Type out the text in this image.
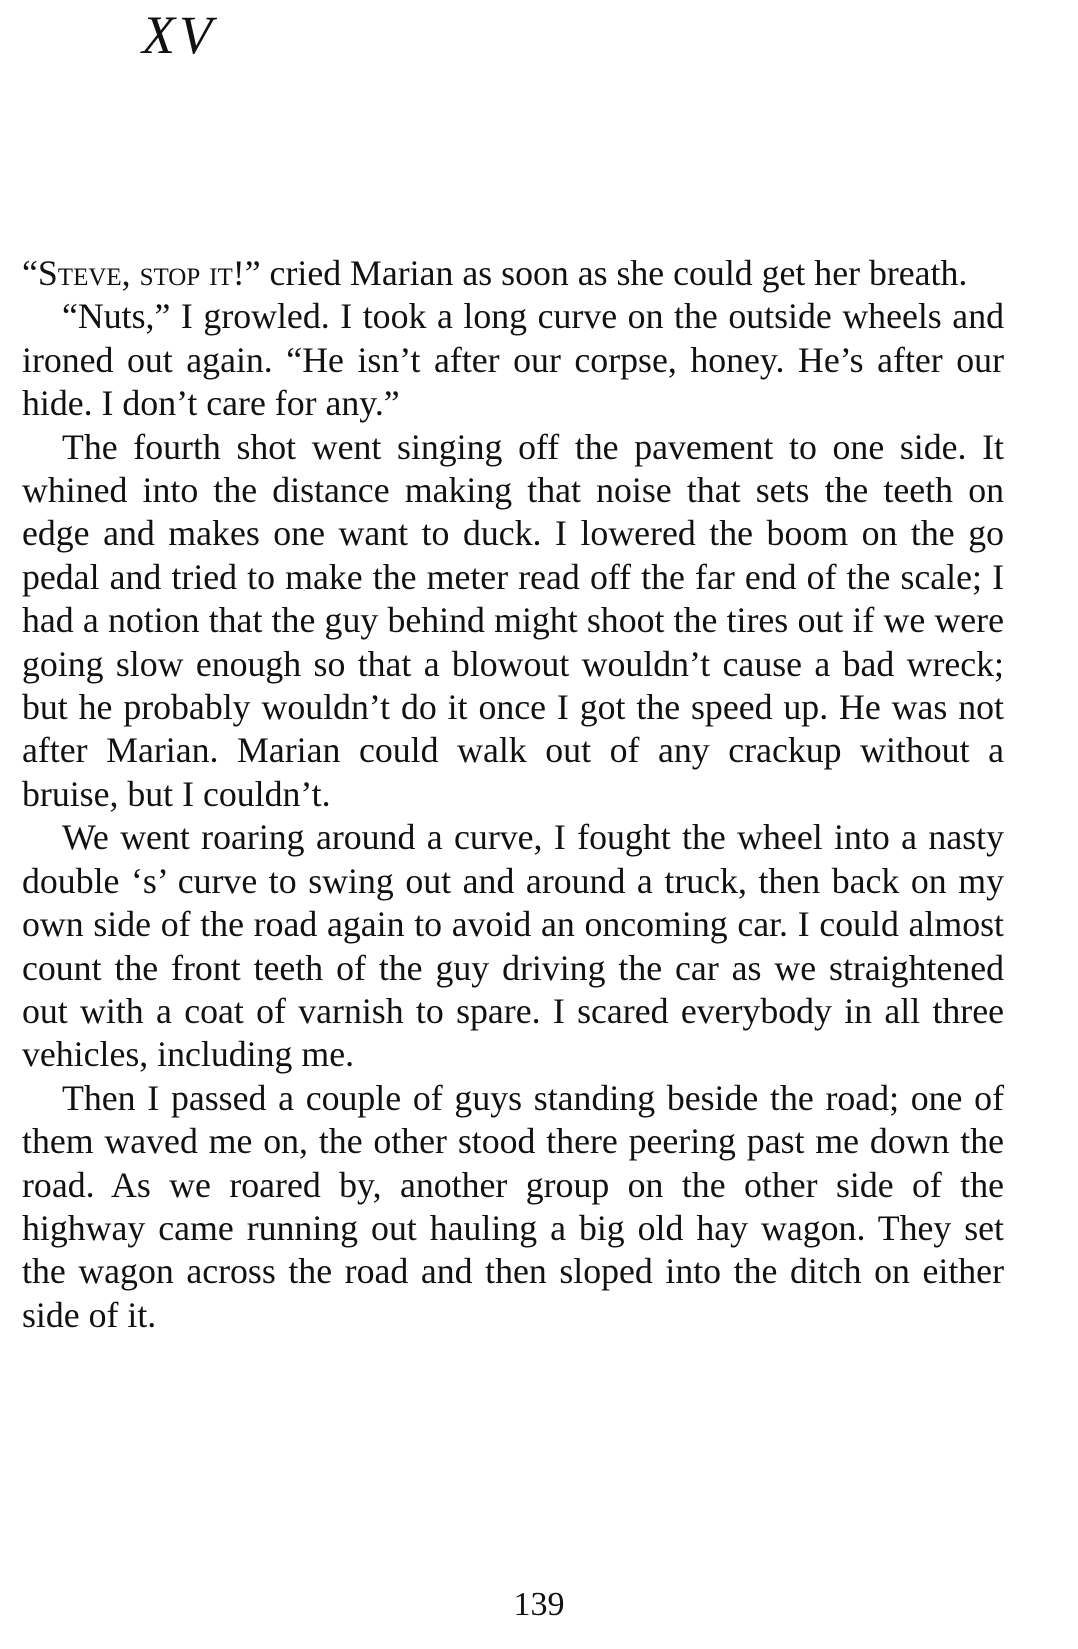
XV

“Steve, stop it!” cried Marian as soon as she could get her breath.

“Nuts,” I growled. I took a long curve on the outside wheels and ironed out again. “He isn’t after our corpse, honey. He’s after our hide. I don’t care for any.”

The fourth shot went singing off the pavement to one side. It whined into the distance making that noise that sets the teeth on edge and makes one want to duck. I lowered the boom on the go pedal and tried to make the meter read off the far end of the scale; I had a notion that the guy behind might shoot the tires out if we were going slow enough so that a blowout wouldn’t cause a bad wreck; but he probably wouldn’t do it once I got the speed up. He was not after Marian. Marian could walk out of any crackup without a bruise, but I couldn’t.

We went roaring around a curve, I fought the wheel into a nasty double ‘s’ curve to swing out and around a truck, then back on my own side of the road again to avoid an oncoming car. I could almost count the front teeth of the guy driving the car as we straightened out with a coat of varnish to spare. I scared everybody in all three vehicles, including me.

Then I passed a couple of guys standing beside the road; one of them waved me on, the other stood there peering past me down the road. As we roared by, another group on the other side of the highway came running out hauling a big old hay wagon. They set the wagon across the road and then sloped into the ditch on either side of it.

139
